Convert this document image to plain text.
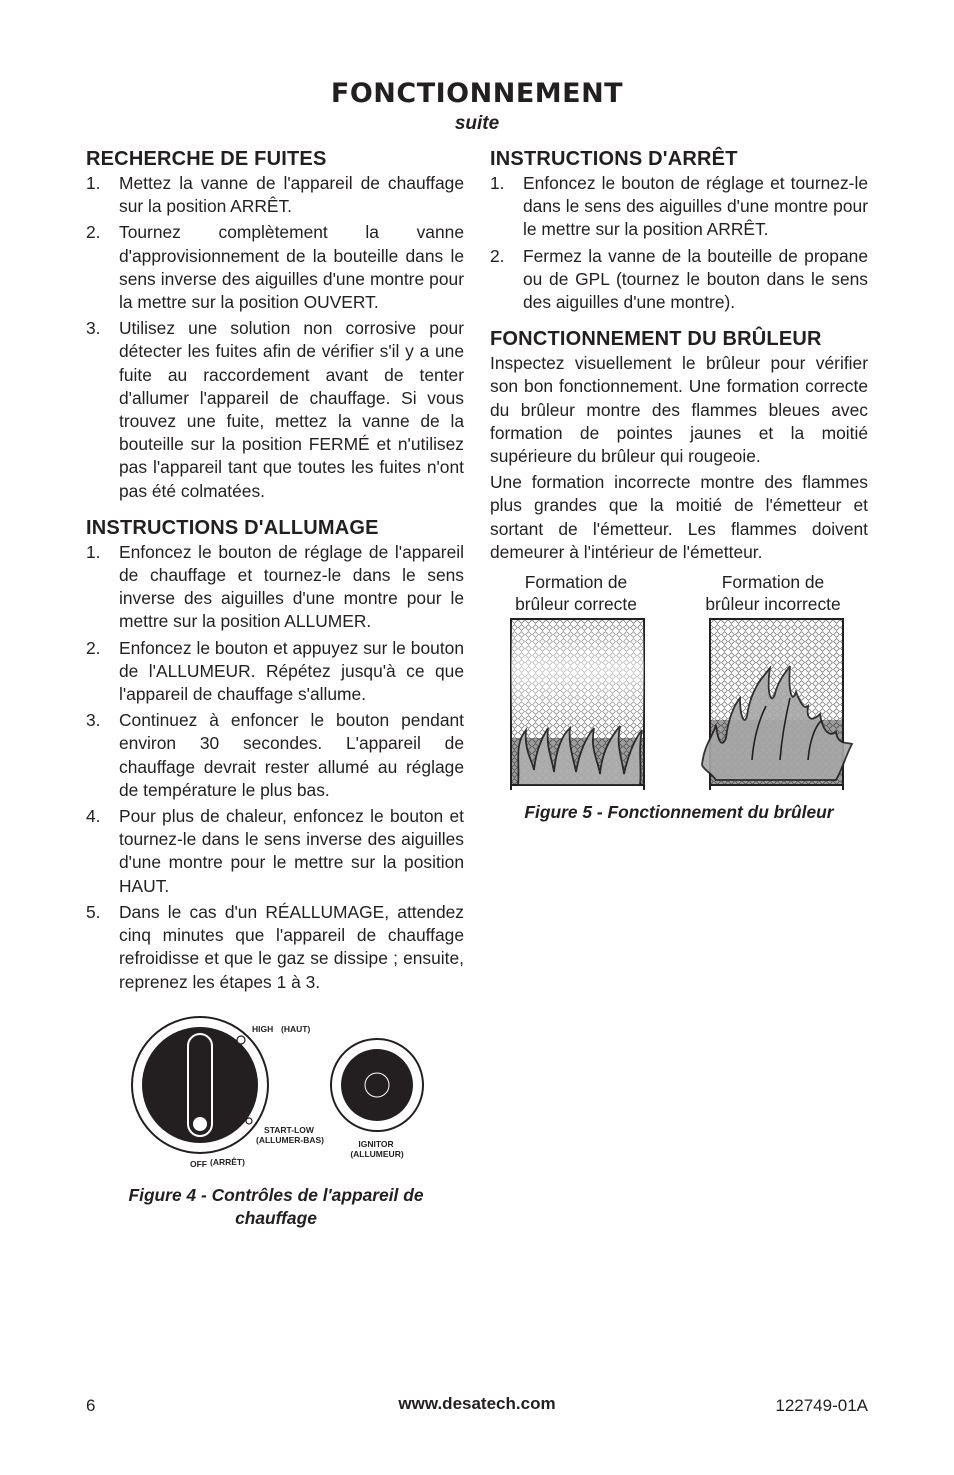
FONCTIONNEMENT
suite
RECHERCHE DE FUITES
1. Mettez la vanne de l'appareil de chauffage sur la position ARRÊT.
2. Tournez complètement la vanne d'approvisionnement de la bouteille dans le sens inverse des aiguilles d'une montre pour la mettre sur la position OUVERT.
3. Utilisez une solution non corrosive pour détecter les fuites afin de vérifier s'il y a une fuite au raccordement avant de tenter d'allumer l'appareil de chauffage. Si vous trouvez une fuite, mettez la vanne de la bouteille sur la position FERMÉ et n'utilisez pas l'appareil tant que toutes les fuites n'ont pas été colmatées.
INSTRUCTIONS D'ALLUMAGE
1. Enfoncez le bouton de réglage de l'appareil de chauffage et tournez-le dans le sens inverse des aiguilles d'une montre pour le mettre sur la position ALLUMER.
2. Enfoncez le bouton et appuyez sur le bouton de l'ALLUMEUR. Répétez jusqu'à ce que l'appareil de chauffage s'allume.
3. Continuez à enfoncer le bouton pendant environ 30 secondes. L'appareil de chauffage devrait rester allumé au réglage de température le plus bas.
4. Pour plus de chaleur, enfoncez le bouton et tournez-le dans le sens inverse des aiguilles d'une montre pour le mettre sur la position HAUT.
5. Dans le cas d'un RÉALLUMAGE, attendez cinq minutes que l'appareil de chauffage refroidisse et que le gaz se dissipe ; ensuite, reprenez les étapes 1 à 3.
INSTRUCTIONS D'ARRÊT
1. Enfoncez le bouton de réglage et tournez-le dans le sens des aiguilles d'une montre pour le mettre sur la position ARRÊT.
2. Fermez la vanne de la bouteille de propane ou de GPL (tournez le bouton dans le sens des aiguilles d'une montre).
FONCTIONNEMENT DU BRÛLEUR

Inspectez visuellement le brûleur pour vérifier son bon fonctionnement. Une formation correcte du brûleur montre des flammes bleues avec formation de pointes jaunes et la moitié supérieure du brûleur qui rougeoie.

Une formation incorrecte montre des flammes plus grandes que la moitié de l'émetteur et sortant de l'émetteur. Les flammes doivent demeurer à l'intérieur de l'émetteur.

Formation de
brûleur correcte
Formation de
brûleur incorrecte
Figure 5 - Fonctionnement du brûleur
HIGH (HAUT)
START-LOW
(ALLUMER-BAS)
OFF (ARRÊT)
IGNITOR
(ALLUMEUR)
Figure 4 - Contrôles de l'appareil de
chauffage
6	www.desatech.com	122749-01A
